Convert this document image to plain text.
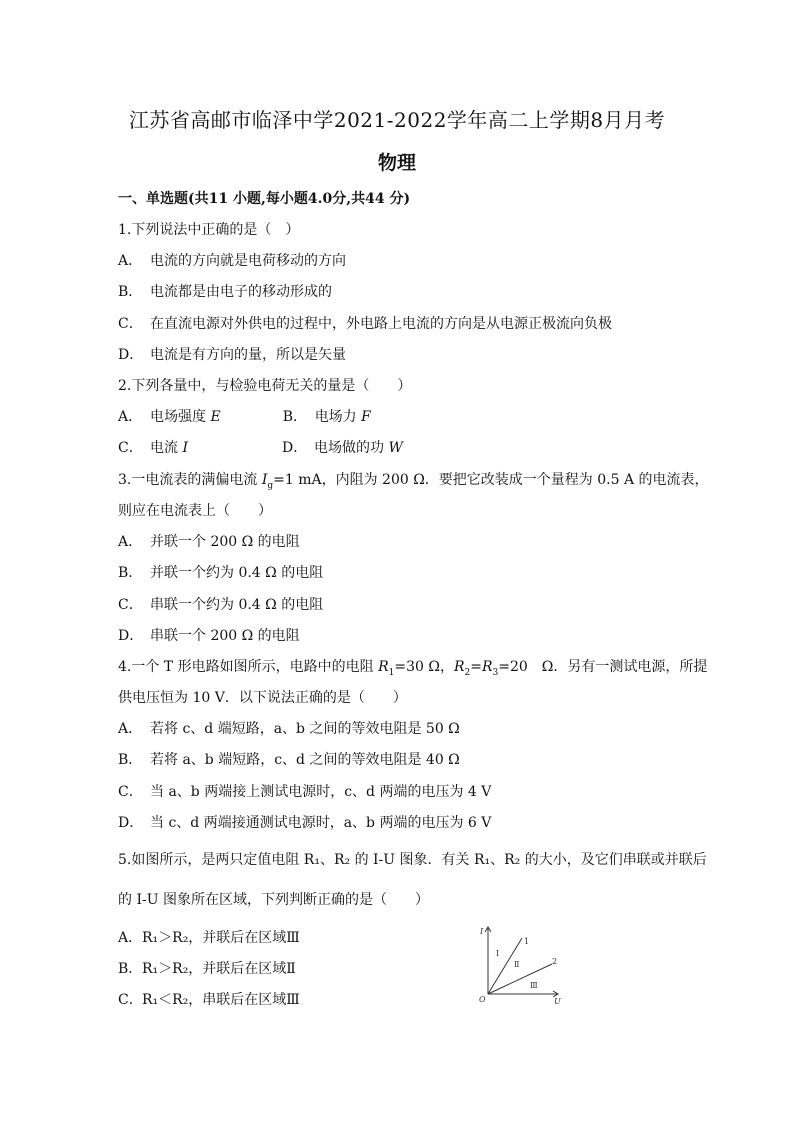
江苏省高邮市临泽中学2021-2022学年高二上学期8月月考
物理
一、单选题(共11 小题,每小题4.0分,共44 分)
1.下列说法中正确的是（　）
A． 电流的方向就是电荷移动的方向
B． 电流都是由电子的移动形成的
C． 在直流电源对外供电的过程中，外电路上电流的方向是从电源正极流向负极
D． 电流是有方向的量，所以是矢量
2.下列各量中，与检验电荷无关的量是（　　）
A． 电场强度 E	B． 电场力 F
C． 电流 I	D． 电场做的功 W
3.一电流表的满偏电流 $I_g=1$ mA，内阻为 200 Ω．要把它改装成一个量程为 0.5 A 的电流表，
则应在电流表上（　　）
A． 并联一个 200 Ω 的电阻
B． 并联一个约为 0.4 Ω 的电阻
C． 串联一个约为 0.4 Ω 的电阻
D． 串联一个 200 Ω 的电阻
4.一个 T 形电路如图所示，电路中的电阻 $R_1=30$ Ω，$R_2=R_3=20$　Ω．另有一测试电源，所提
供电压恒为 10 V．以下说法正确的是（　　）
A． 若将 c、d 端短路，a、b 之间的等效电阻是 50 Ω
B． 若将 a、b 端短路，c、d 之间的等效电阻是 40 Ω
C． 当 a、b 两端接上测试电源时，c、d 两端的电压为 4 V
D． 当 c、d 两端接通测试电源时，a、b 两端的电压为 6 V
5.如图所示，是两只定值电阻 R₁、R₂ 的 I-U 图象．有关 R₁、R₂ 的大小，及它们串联或并联后
的 I-U 图象所在区域，下列判断正确的是（　　）
A．R₁＞R₂，并联后在区域Ⅲ
B．R₁＞R₂，并联后在区域Ⅱ
C．R₁＜R₂，串联后在区域Ⅲ
I
U
O
1
2
Ⅰ
Ⅱ
Ⅲ
